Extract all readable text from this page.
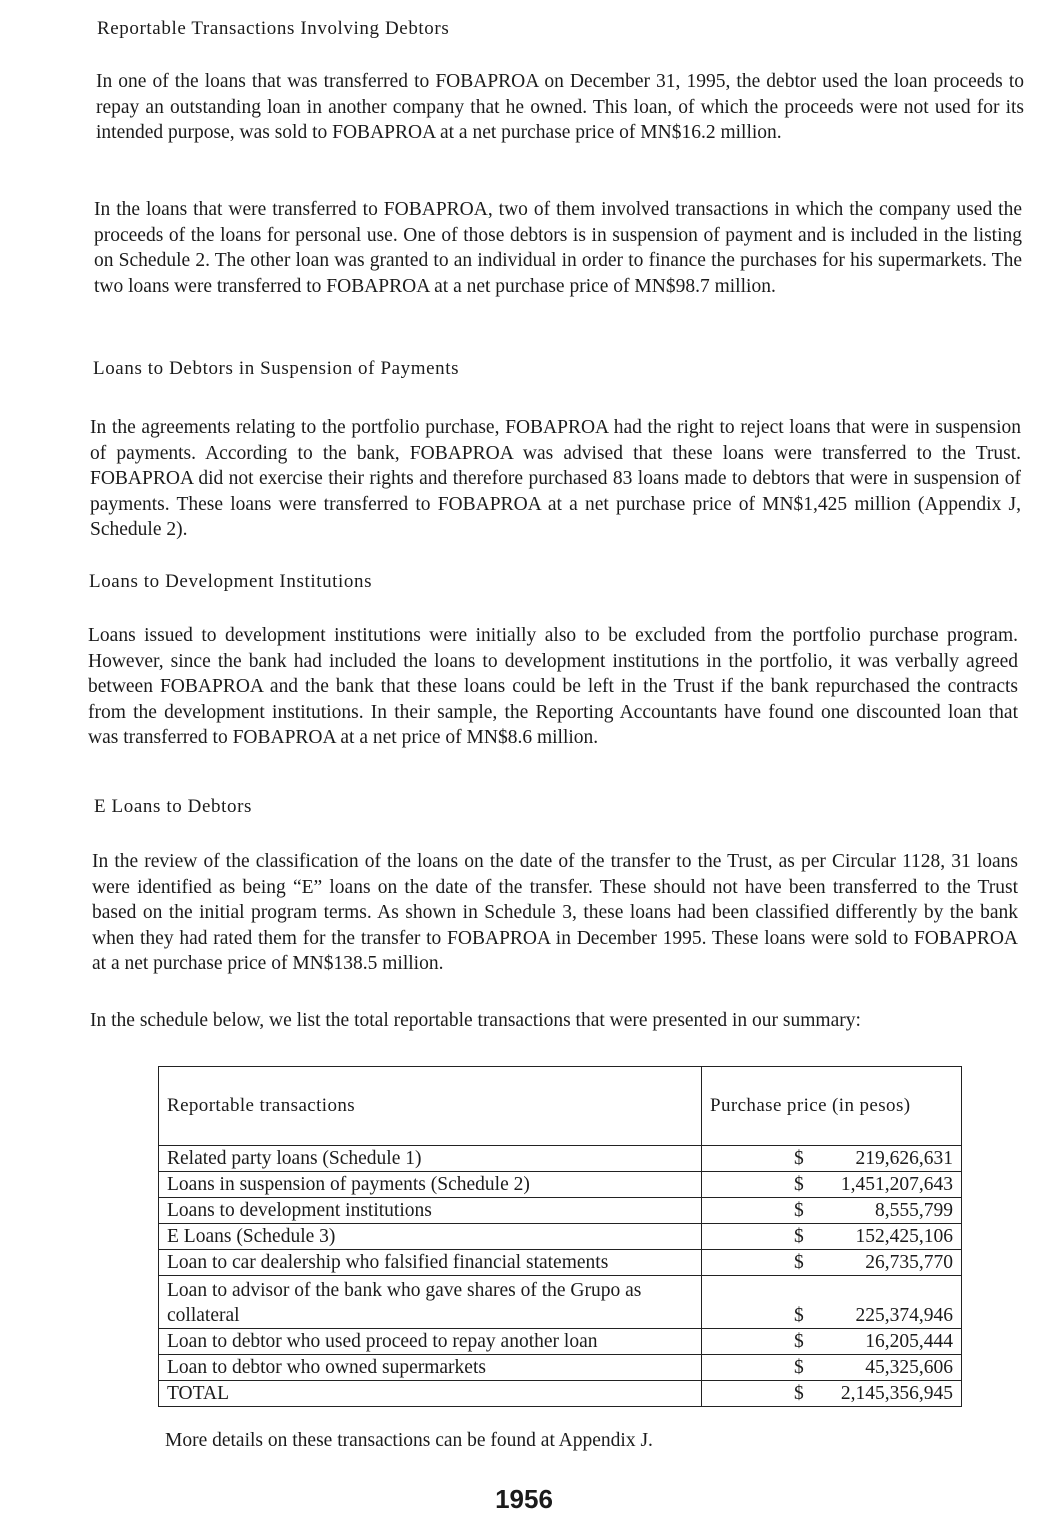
Reportable Transactions Involving Debtors

In one of the loans that was transferred to FOBAPROA on December 31, 1995, the debtor used the loan proceeds to repay an outstanding loan in another company that he owned. This loan, of which the proceeds were not used for its intended purpose, was sold to FOBAPROA at a net purchase price of MN$16.2 million.

In the loans that were transferred to FOBAPROA, two of them involved transactions in which the company used the proceeds of the loans for personal use. One of those debtors is in suspension of payment and is included in the listing on Schedule 2. The other loan was granted to an individual in order to finance the purchases for his supermarkets. The two loans were transferred to FOBAPROA at a net purchase price of MN$98.7 million.

Loans to Debtors in Suspension of Payments

In the agreements relating to the portfolio purchase, FOBAPROA had the right to reject loans that were in suspension of payments. According to the bank, FOBAPROA was advised that these loans were transferred to the Trust. FOBAPROA did not exercise their rights and therefore purchased 83 loans made to debtors that were in suspension of payments. These loans were transferred to FOBAPROA at a net purchase price of MN$1,425 million (Appendix J, Schedule 2).

Loans to Development Institutions

Loans issued to development institutions were initially also to be excluded from the portfolio purchase program. However, since the bank had included the loans to development institutions in the portfolio, it was verbally agreed between FOBAPROA and the bank that these loans could be left in the Trust if the bank repurchased the contracts from the development institutions. In their sample, the Reporting Accountants have found one discounted loan that was transferred to FOBAPROA at a net price of MN$8.6 million.

E Loans to Debtors

In the review of the classification of the loans on the date of the transfer to the Trust, as per Circular 1128, 31 loans were identified as being “E” loans on the date of the transfer. These should not have been transferred to the Trust based on the initial program terms. As shown in Schedule 3, these loans had been classified differently by the bank when they had rated them for the transfer to FOBAPROA in December 1995. These loans were sold to FOBAPROA at a net purchase price of MN$138.5 million.

In the schedule below, we list the total reportable transactions that were presented in our summary:

Reportable transactions	Purchase price (in pesos)
Related party loans (Schedule 1)	$ 219,626,631

Loans in suspension of payments (Schedule 2)	$ 1,451,207,643

Loans to development institutions	$ 8,555,799

E Loans (Schedule 3)	$ 152,425,106

Loan to car dealership who falsified financial statements	$ 26,735,770

Loan to advisor of the bank who gave shares of the Grupo as collateral	$ 225,374,946

Loan to debtor who used proceed to repay another loan	$ 16,205,444

Loan to debtor who owned supermarkets	$ 45,325,606

TOTAL	$ 2,145,356,945

More details on these transactions can be found at Appendix J.

1956
